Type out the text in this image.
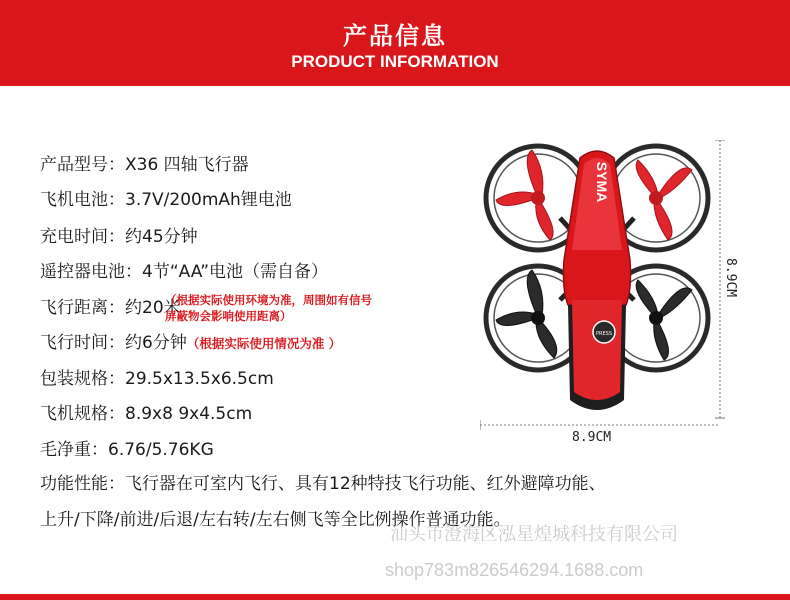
产品信息
PRODUCT INFORMATION
产品型号：X36 四轴飞行器
飞机电池：3.7V/200mAh锂电池
充电时间：约45分钟
遥控器电池：4节“AA”电池（需自备）
飞行距离：约20米
（根据实际使用环境为准，周围如有信号
屏蔽物会影响使用距离）
飞行时间：约6分钟（根据实际使用情况为准 ）
包装规格：29.5x13.5x6.5cm
飞机规格：8.9x8 9x4.5cm
毛净重：6.76/5.76KG
功能性能：飞行器在可室内飞行、具有12种特技飞行功能、红外避障功能、
上升/下降/前进/后退/左右转/左右侧飞等全比例操作普通功能。
SYMA
PRESS
8.9CM
8.9CM
汕头市澄海区泓星煌城科技有限公司
shop783m826546294.1688.com
